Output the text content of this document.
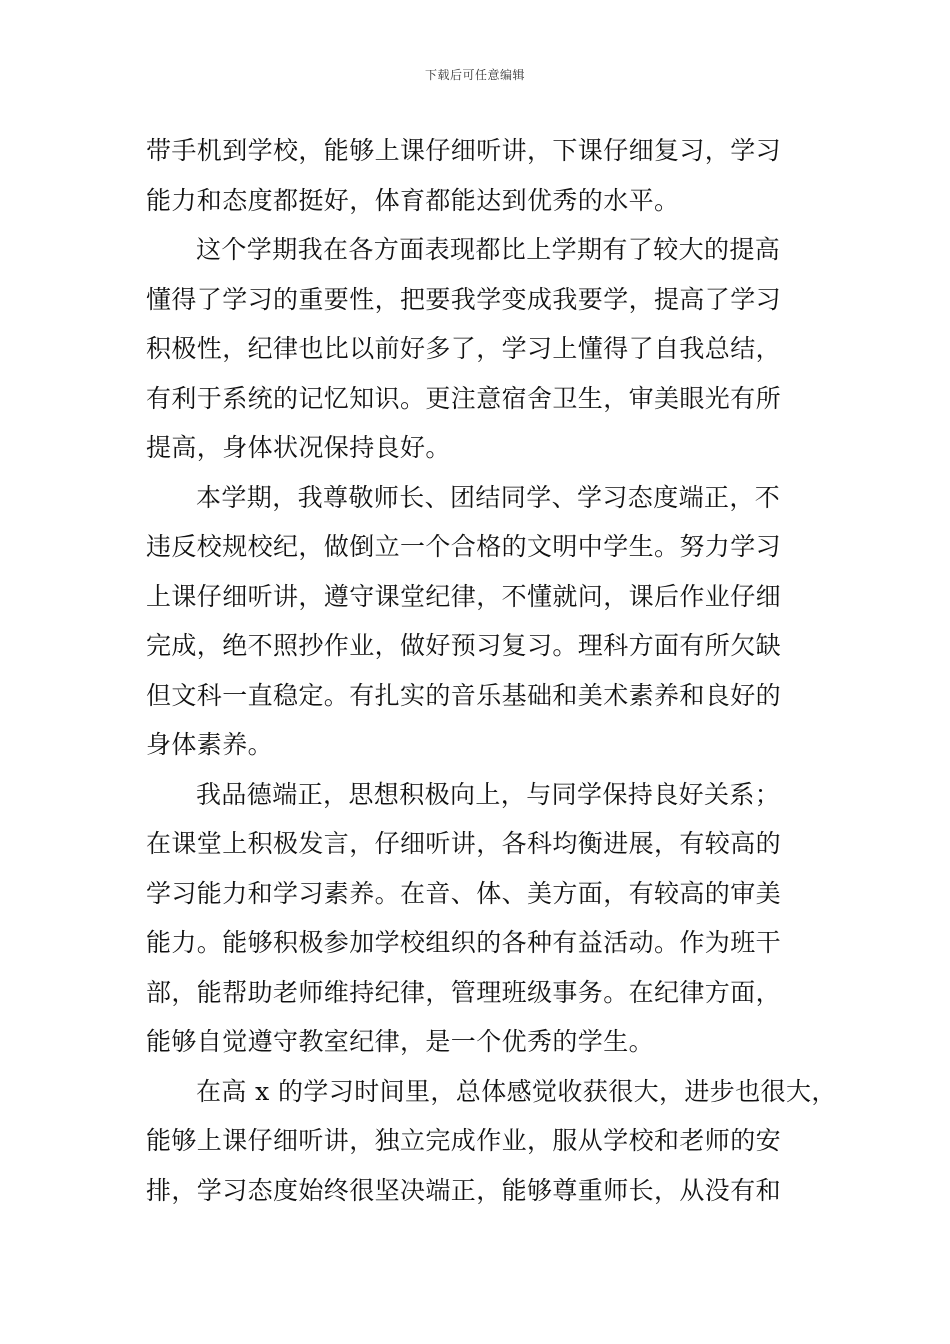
下载后可任意编辑
带手机到学校，能够上课仔细听讲，下课仔细复习，学习
能力和态度都挺好，体育都能达到优秀的水平。
这个学期我在各方面表现都比上学期有了较大的提高
懂得了学习的重要性，把要我学变成我要学，提高了学习
积极性，纪律也比以前好多了，学习上懂得了自我总结，
有利于系统的记忆知识。更注意宿舍卫生，审美眼光有所
提高，身体状况保持良好。
本学期，我尊敬师长、团结同学、学习态度端正，不
违反校规校纪，做倒立一个合格的文明中学生。努力学习
上课仔细听讲，遵守课堂纪律，不懂就问，课后作业仔细
完成，绝不照抄作业，做好预习复习。理科方面有所欠缺
但文科一直稳定。有扎实的音乐基础和美术素养和良好的
身体素养。
我品德端正，思想积极向上，与同学保持良好关系；
在课堂上积极发言，仔细听讲，各科均衡进展，有较高的
学习能力和学习素养。在音、体、美方面，有较高的审美
能力。能够积极参加学校组织的各种有益活动。作为班干
部，能帮助老师维持纪律，管理班级事务。在纪律方面，
能够自觉遵守教室纪律，是一个优秀的学生。
在高 x 的学习时间里，总体感觉收获很大，进步也很大，
能够上课仔细听讲，独立完成作业，服从学校和老师的安
排，学习态度始终很坚决端正，能够尊重师长，从没有和
